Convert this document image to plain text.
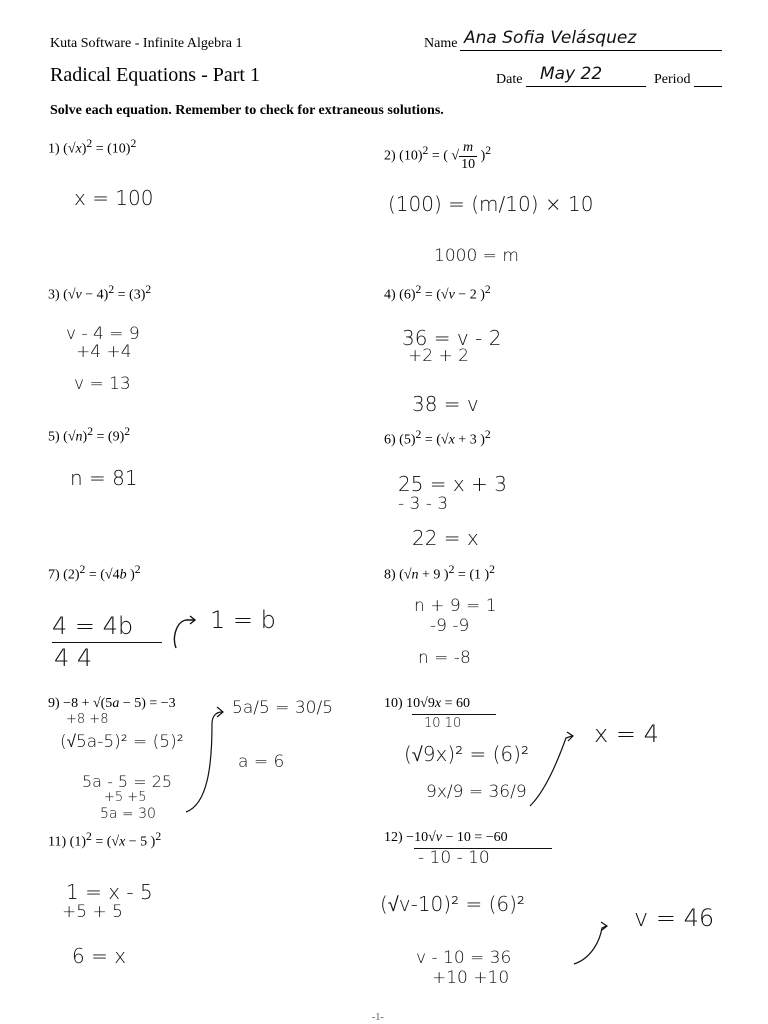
Kuta Software - Infinite Algebra 1	Name Ana Sofia Velásquez
Radical Equations - Part 1	Date May 22	Period
Solve each equation. Remember to check for extraneous solutions.
1) $(√x)^2 = (10)^2$
x = 100
2) $(10)^2$ = ( √ $\frac{m}{10} )^2$
(100) = (m/10) × 10
1000 = m
3) $(√v - 4)^2 = (3)^2$
v - 4 = 9
+4 +4
v = 13
4) $(6)^2 = (√v - 2$ )$^2$
36 = v - 2
+2 + 2
38 = v
5) $(√n)^2 = (9)^2$
n = 81
6) $(5)^2 = (√x + 3$ )$^2$
25 = x + 3
- 3 - 3
22 = x
7) $(2)^2 = (√4b$ )$^2$
4 = 4b
4 4
1 = b
8) (√n + 9 )$^2$ = (1 )$^2$
n + 9 = 1
-9 -9
n = -8
9) −8 + √(5a − 5) = −3
+8 +8
(√5a-5)² = (5)²
5a - 5 = 25
+5 +5
5a = 30
5a/5 = 30/5
a = 6
10) 10√9x = 60
10 10
(√9x)² = (6)²
9x/9 = 36/9
x = 4
11) $(1)^2 = (√x - 5$ )$^2$
1 = x - 5
+5 + 5
6 = x
12) −10√v − 10 = −60
- 10 - 10
(√v-10)² = (6)²
v - 10 = 36
+10 +10
v = 46
-1-
